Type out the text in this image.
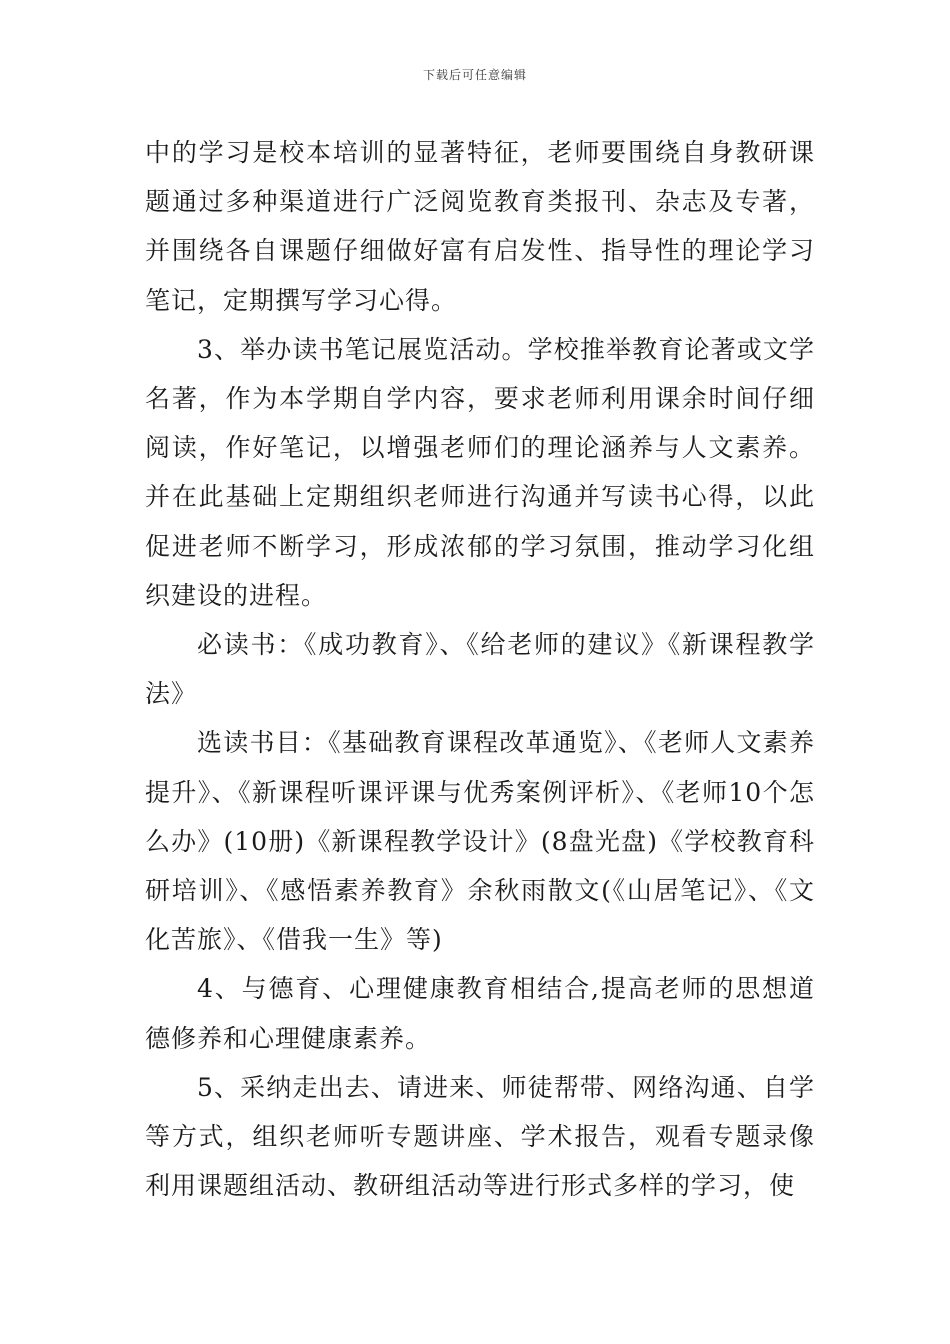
下载后可任意编辑

中的学习是校本培训的显著特征，老师要围绕自身教研课题通过多种渠道进行广泛阅览教育类报刊、杂志及专著，并围绕各自课题仔细做好富有启发性、指导性的理论学习笔记，定期撰写学习心得。

3、举办读书笔记展览活动。学校推举教育论著或文学名著，作为本学期自学内容，要求老师利用课余时间仔细阅读，作好笔记，以增强老师们的理论涵养与人文素养。并在此基础上定期组织老师进行沟通并写读书心得，以此促进老师不断学习，形成浓郁的学习氛围，推动学习化组织建设的进程。

必读书：《成功教育》、《给老师的建议》《新课程教学法》

选读书目：《基础教育课程改革通览》、《老师人文素养提升》、《新课程听课评课与优秀案例评析》、《老师10个怎么办》(10册)《新课程教学设计》(8盘光盘)《学校教育科研培训》、《感悟素养教育》余秋雨散文(《山居笔记》、《文化苦旅》、《借我一生》等)

4、与德育、心理健康教育相结合,提高老师的思想道德修养和心理健康素养。

5、采纳走出去、请进来、师徒帮带、网络沟通、自学等方式，组织老师听专题讲座、学术报告，观看专题录像利用课题组活动、教研组活动等进行形式多样的学习，使
